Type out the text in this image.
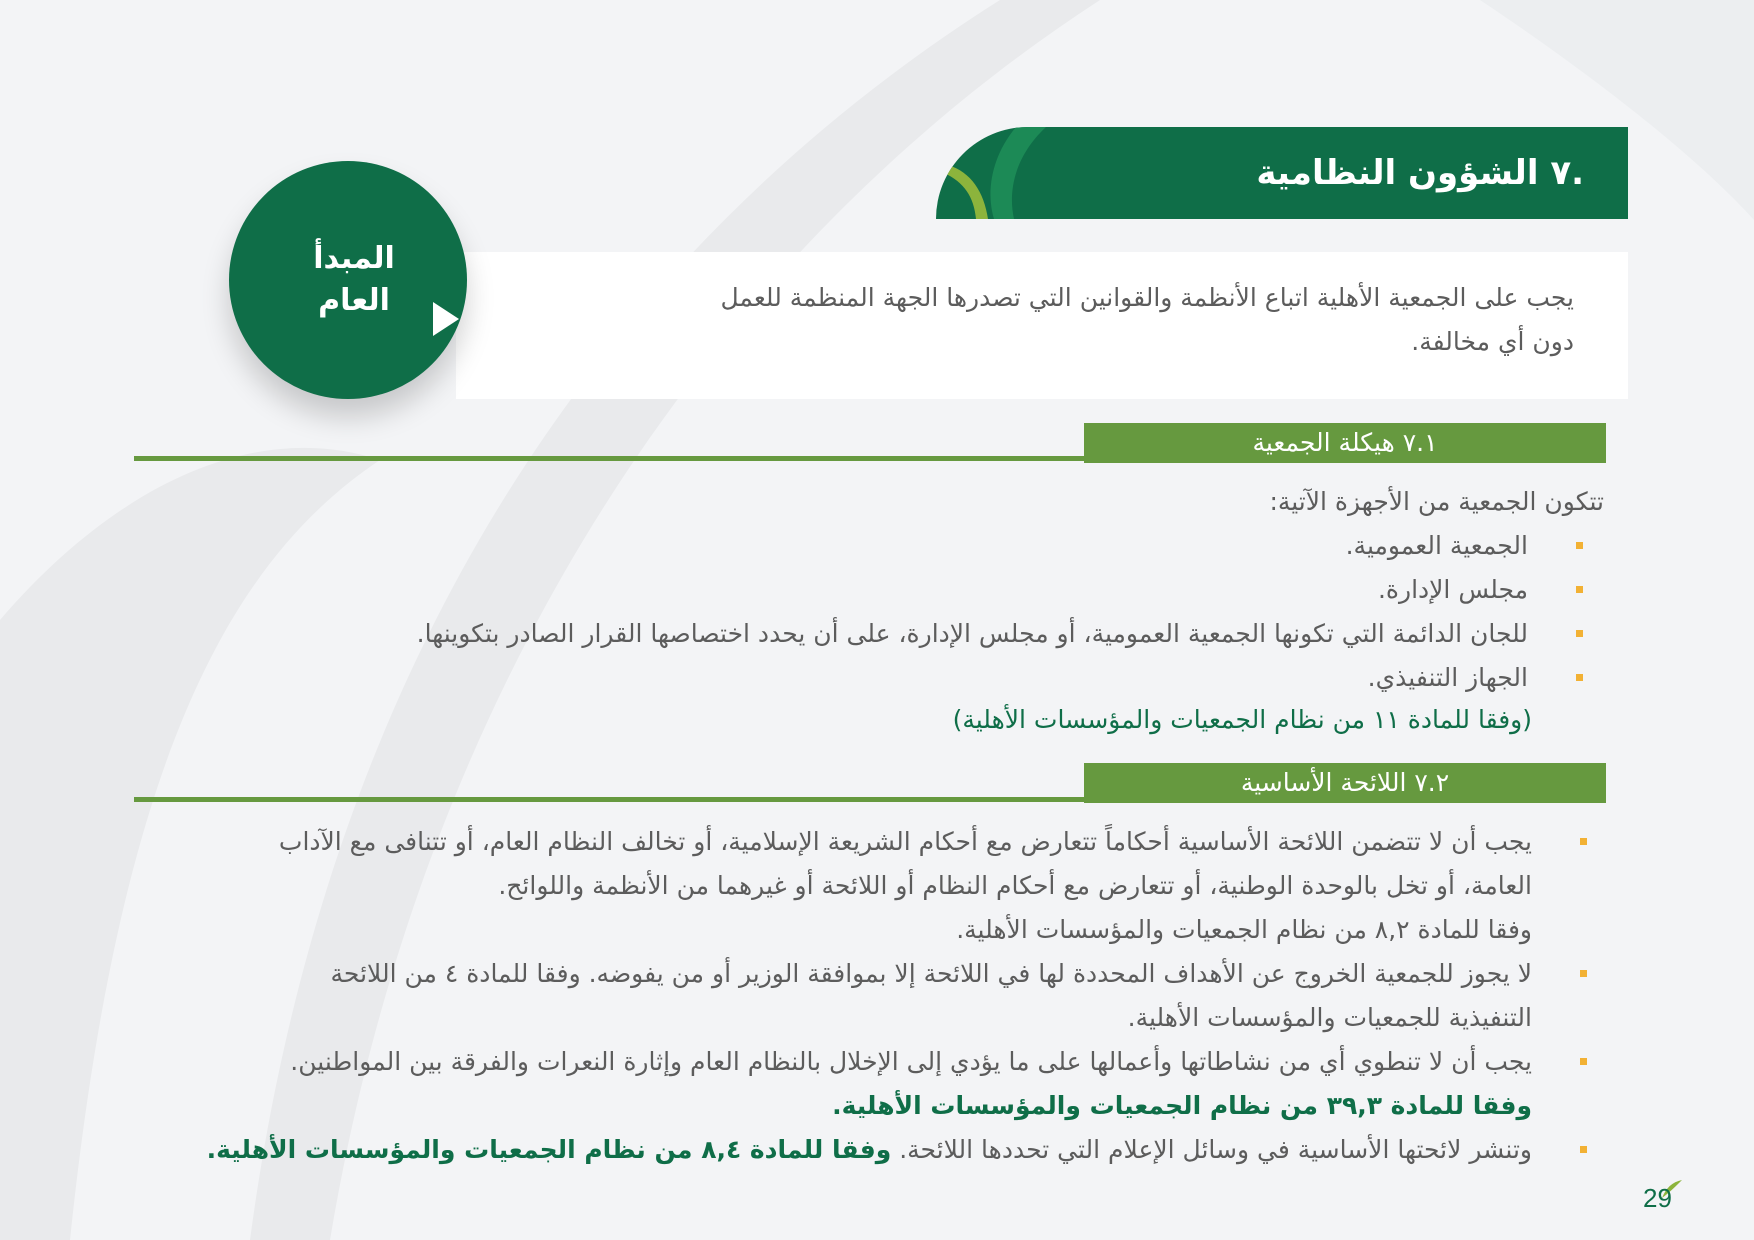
.٧ الشؤون النظامية

يجب على الجمعية الأهلية اتباع الأنظمة والقوانين التي تصدرها الجهة المنظمة للعمل
دون أي مخالفة.

المبدأ
العام
٧.١ هيكلة الجمعية

تتكون الجمعية من الأجهزة الآتية:

الجمعية العمومية.
مجلس الإدارة.
للجان الدائمة التي تكونها الجمعية العمومية، أو مجلس الإدارة، على أن يحدد اختصاصها القرار الصادر بتكوينها.
الجهاز التنفيذي.

(وفقا للمادة ١١ من نظام الجمعيات والمؤسسات الأهلية)

٧.٢ اللائحة الأساسية
يجب أن لا تتضمن اللائحة الأساسية أحكاماً تتعارض مع أحكام الشريعة الإسلامية، أو تخالف النظام العام، أو تتنافى مع الآداب
العامة، أو تخل بالوحدة الوطنية، أو تتعارض مع أحكام النظام أو اللائحة أو غيرهما من الأنظمة واللوائح.
وفقا للمادة ٨,٢ من نظام الجمعيات والمؤسسات الأهلية.
لا يجوز للجمعية الخروج عن الأهداف المحددة لها في اللائحة إلا بموافقة الوزير أو من يفوضه. وفقا للمادة ٤ من اللائحة
التنفيذية للجمعيات والمؤسسات الأهلية.
يجب أن لا تنطوي أي من نشاطاتها وأعمالها على ما يؤدي إلى الإخلال بالنظام العام وإثارة النعرات والفرقة بين المواطنين.
وفقا للمادة ٣٩,٣ من نظام الجمعيات والمؤسسات الأهلية.
وتنشر لائحتها الأساسية في وسائل الإعلام التي تحددها اللائحة. وفقا للمادة ٨,٤ من نظام الجمعيات والمؤسسات الأهلية.
29
